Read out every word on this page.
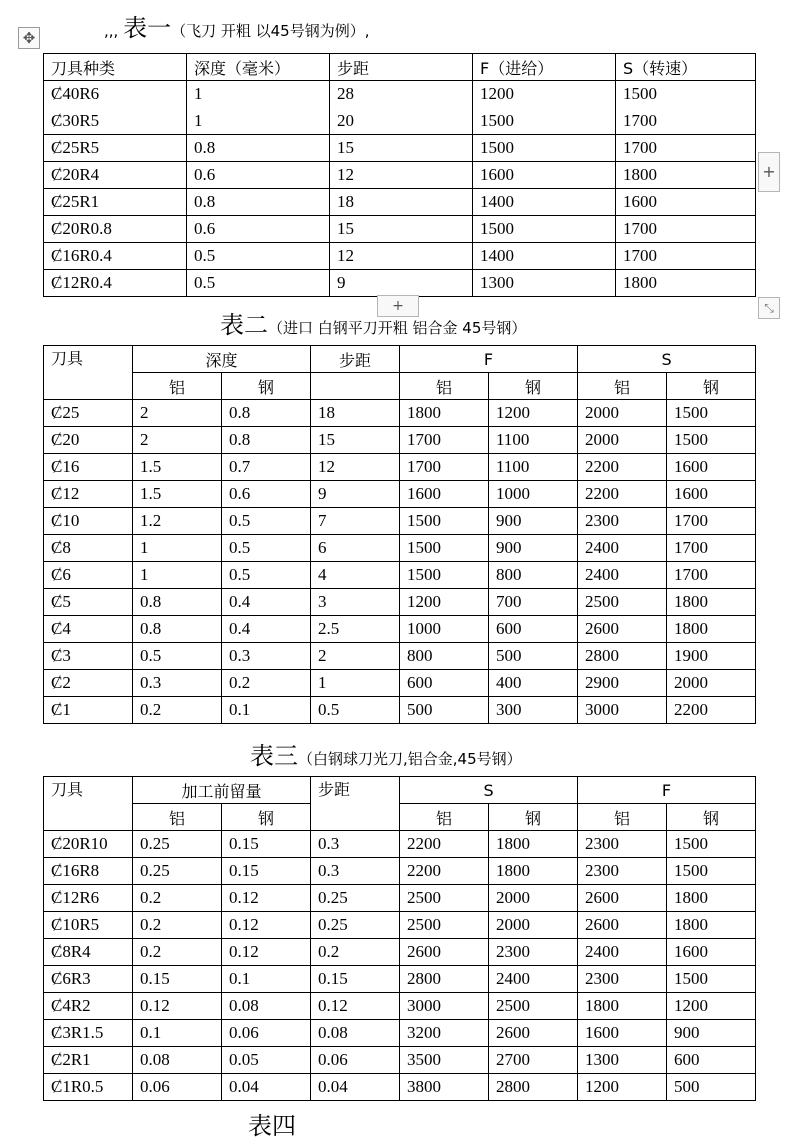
✥	,,, 表一（飞刀 开粗 以45号钢为例）,
刀具种类	深度（毫米）	步距	F（进给）	S（转速）
Ȼ40R6	1	28	1200	1500
Ȼ30R5	1	20	1500	1700
Ȼ25R5	0.8	15	1500	1700
Ȼ20R4	0.6	12	1600	1800
Ȼ25R1	0.8	18	1400	1600
Ȼ20R0.8	0.6	15	1500	1700
Ȼ16R0.4	0.5	12	1400	1700
Ȼ12R0.4	0.5	9	1300	1800
+
+	⤡
表二（进口 白钢平刀开粗 铝合金 45号钢）
刀具	深度		步距	F		S	
	铝	钢		铝	钢	铝	钢
Ȼ25	2	0.8	18	1800	1200	2000	1500
Ȼ20	2	0.8	15	1700	1100	2000	1500
Ȼ16	1.5	0.7	12	1700	1100	2200	1600
Ȼ12	1.5	0.6	9	1600	1000	2200	1600
Ȼ10	1.2	0.5	7	1500	900	2300	1700
Ȼ8	1	0.5	6	1500	900	2400	1700
Ȼ6	1	0.5	4	1500	800	2400	1700
Ȼ5	0.8	0.4	3	1200	700	2500	1800
Ȼ4	0.8	0.4	2.5	1000	600	2600	1800
Ȼ3	0.5	0.3	2	800	500	2800	1900
Ȼ2	0.3	0.2	1	600	400	2900	2000
Ȼ1	0.2	0.1	0.5	500	300	3000	2200
表三（白钢球刀光刀,铝合金,45号钢）
刀具	加工前留量		步距	S		F	
	铝	钢		铝	钢	铝	钢
Ȼ20R10	0.25	0.15	0.3	2200	1800	2300	1500
Ȼ16R8	0.25	0.15	0.3	2200	1800	2300	1500
Ȼ12R6	0.2	0.12	0.25	2500	2000	2600	1800
Ȼ10R5	0.2	0.12	0.25	2500	2000	2600	1800
Ȼ8R4	0.2	0.12	0.2	2600	2300	2400	1600
Ȼ6R3	0.15	0.1	0.15	2800	2400	2300	1500
Ȼ4R2	0.12	0.08	0.12	3000	2500	1800	1200
Ȼ3R1.5	0.1	0.06	0.08	3200	2600	1600	900
Ȼ2R1	0.08	0.05	0.06	3500	2700	1300	600
Ȼ1R0.5	0.06	0.04	0.04	3800	2800	1200	500
表四
